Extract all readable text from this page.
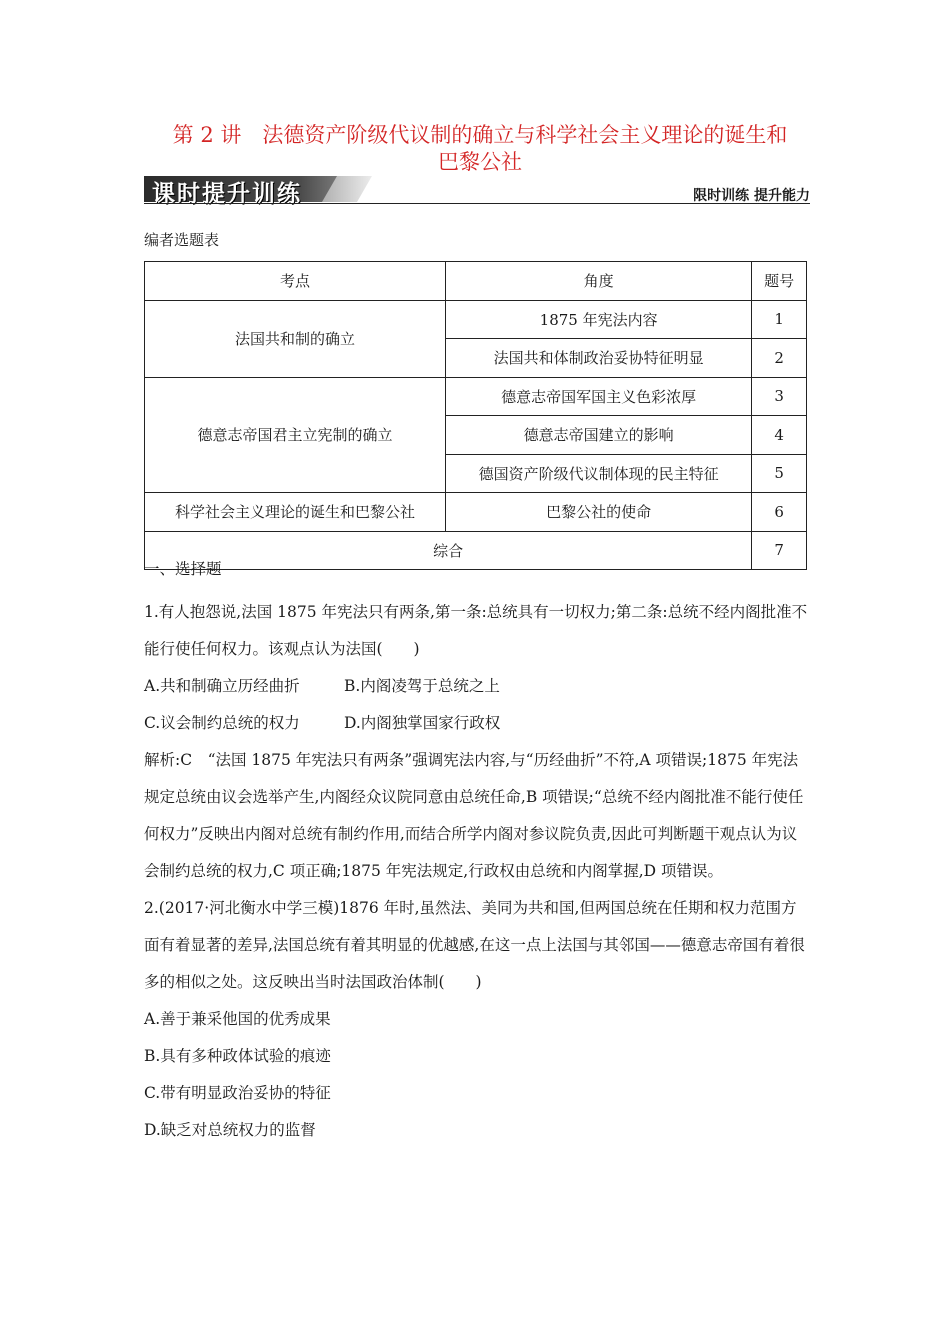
第 2 讲　法德资产阶级代议制的确立与科学社会主义理论的诞生和
巴黎公社
课时提升训练	限时训练 提升能力
编者选题表
考点	角度	题号
法国共和制的确立	1875 年宪法内容	1
	法国共和体制政治妥协特征明显	2
德意志帝国君主立宪制的确立	德意志帝国军国主义色彩浓厚	3
	德意志帝国建立的影响	4
	德国资产阶级代议制体现的民主特征	5
科学社会主义理论的诞生和巴黎公社	巴黎公社的使命	6
综合		7

一、选择题

1.有人抱怨说,法国 1875 年宪法只有两条,第一条:总统具有一切权力;第二条:总统不经内阁批准不能行使任何权力。该观点认为法国(　　)

A.共和制确立历经曲折	B.内阁凌驾于总统之上

C.议会制约总统的权力	D.内阁独掌国家行政权

解析:C　“法国 1875 年宪法只有两条”强调宪法内容,与“历经曲折”不符,A 项错误;1875 年宪法规定总统由议会选举产生,内阁经众议院同意由总统任命,B 项错误;“总统不经内阁批准不能行使任何权力”反映出内阁对总统有制约作用,而结合所学内阁对参议院负责,因此可判断题干观点认为议会制约总统的权力,C 项正确;1875 年宪法规定,行政权由总统和内阁掌握,D 项错误。

2.(2017·河北衡水中学三模)1876 年时,虽然法、美同为共和国,但两国总统在任期和权力范围方面有着显著的差异,法国总统有着其明显的优越感,在这一点上法国与其邻国——德意志帝国有着很多的相似之处。这反映出当时法国政治体制(　　)

A.善于兼采他国的优秀成果

B.具有多种政体试验的痕迹

C.带有明显政治妥协的特征

D.缺乏对总统权力的监督
